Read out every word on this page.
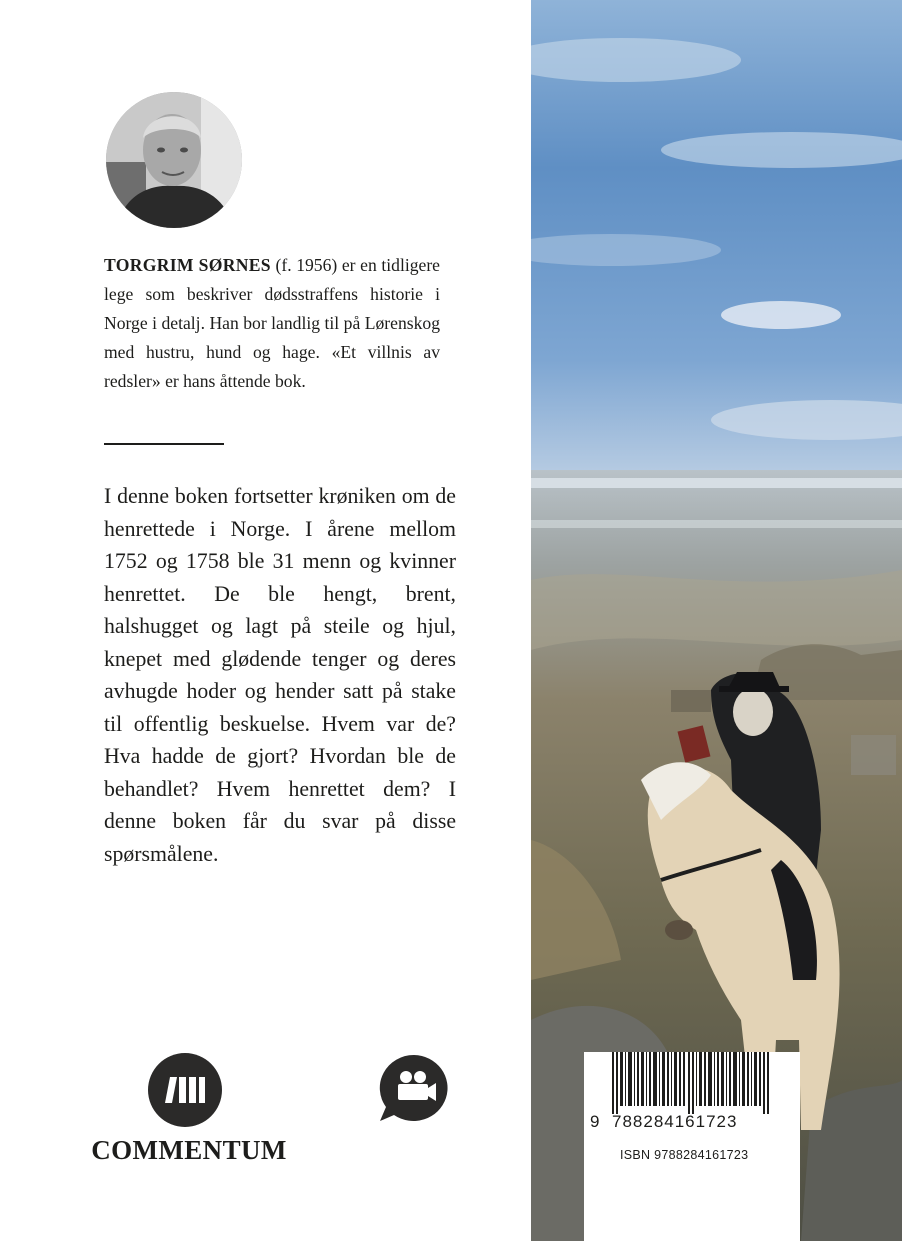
TORGRIM SØRNES (f. 1956) er en tidligere lege som beskriver dødsstraffens historie i Norge i detalj. Han bor landlig til på Lørenskog med hustru, hund og hage. «Et villnis av redsler» er hans åttende bok.

I denne boken fortsetter krøniken om de henrettede i Norge. I årene mellom 1752 og 1758 ble 31 menn og kvinner henrettet. De ble hengt, brent, halshugget og lagt på steile og hjul, knepet med glødende tenger og deres avhugde hoder og hender satt på stake til offentlig beskuelse. Hvem var de? Hva hadde de gjort? Hvordan ble de behandlet? Hvem henrettet dem? I denne boken får du svar på disse spørsmålene.

COMMENTUM
9 788284161723
ISBN 9788284161723
